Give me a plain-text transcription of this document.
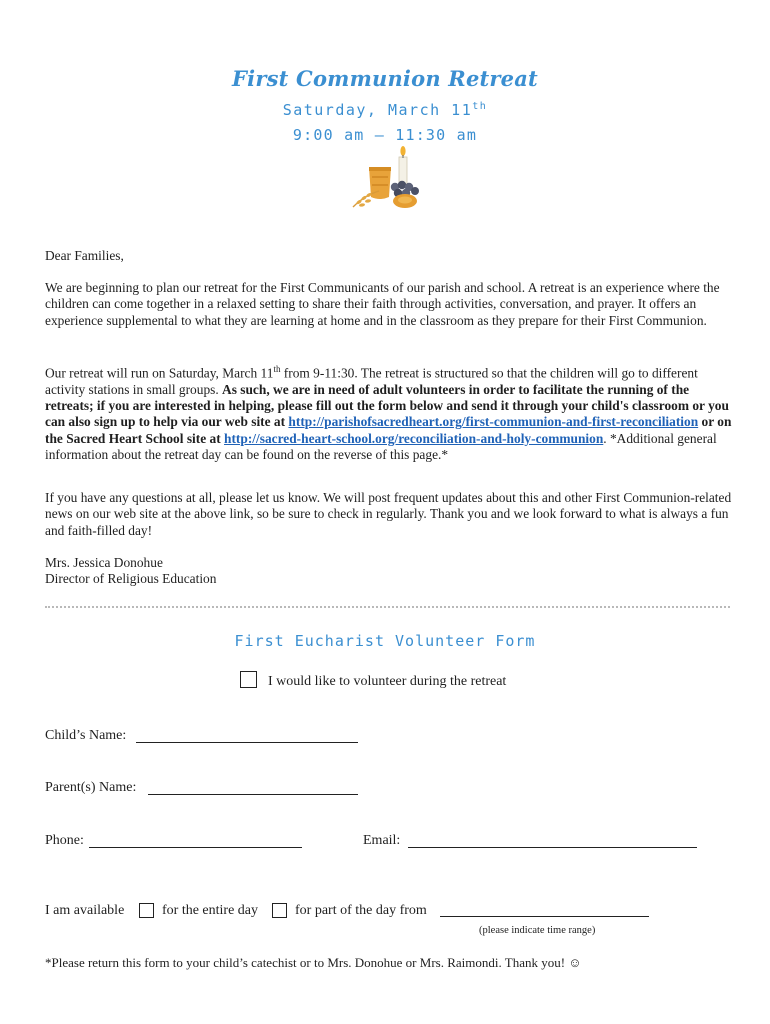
First Communion Retreat
Saturday, March 11th
9:00 am – 11:30 am
Dear Families,
We are beginning to plan our retreat for the First Communicants of our parish and school. A retreat is an experience where the children can come together in a relaxed setting to share their faith through activities, conversation, and prayer. It offers an experience supplemental to what they are learning at home and in the classroom as they prepare for their First Communion.
Our retreat will run on Saturday, March 11th from 9-11:30. The retreat is structured so that the children will go to different activity stations in small groups. As such, we are in need of adult volunteers in order to facilitate the running of the retreats; if you are interested in helping, please fill out the form below and send it through your child's classroom or you can also sign up to help via our web site at http://parishofsacredheart.org/first-communion-and-first-reconciliation or on the Sacred Heart School site at http://sacred-heart-school.org/reconciliation-and-holy-communion. *Additional general information about the retreat day can be found on the reverse of this page.*
If you have any questions at all, please let us know. We will post frequent updates about this and other First Communion-related news on our web site at the above link, so be sure to check in regularly. Thank you and we look forward to what is always a fun and faith-filled day!
Mrs. Jessica Donohue
Director of Religious Education
First Eucharist Volunteer Form
I would like to volunteer during the retreat
Child’s Name:
Parent(s) Name:
Phone:	Email:
I am available	for the entire day	for part of the day from
(please indicate time range)
*Please return this form to your child’s catechist or to Mrs. Donohue or Mrs. Raimondi. Thank you! ☺
